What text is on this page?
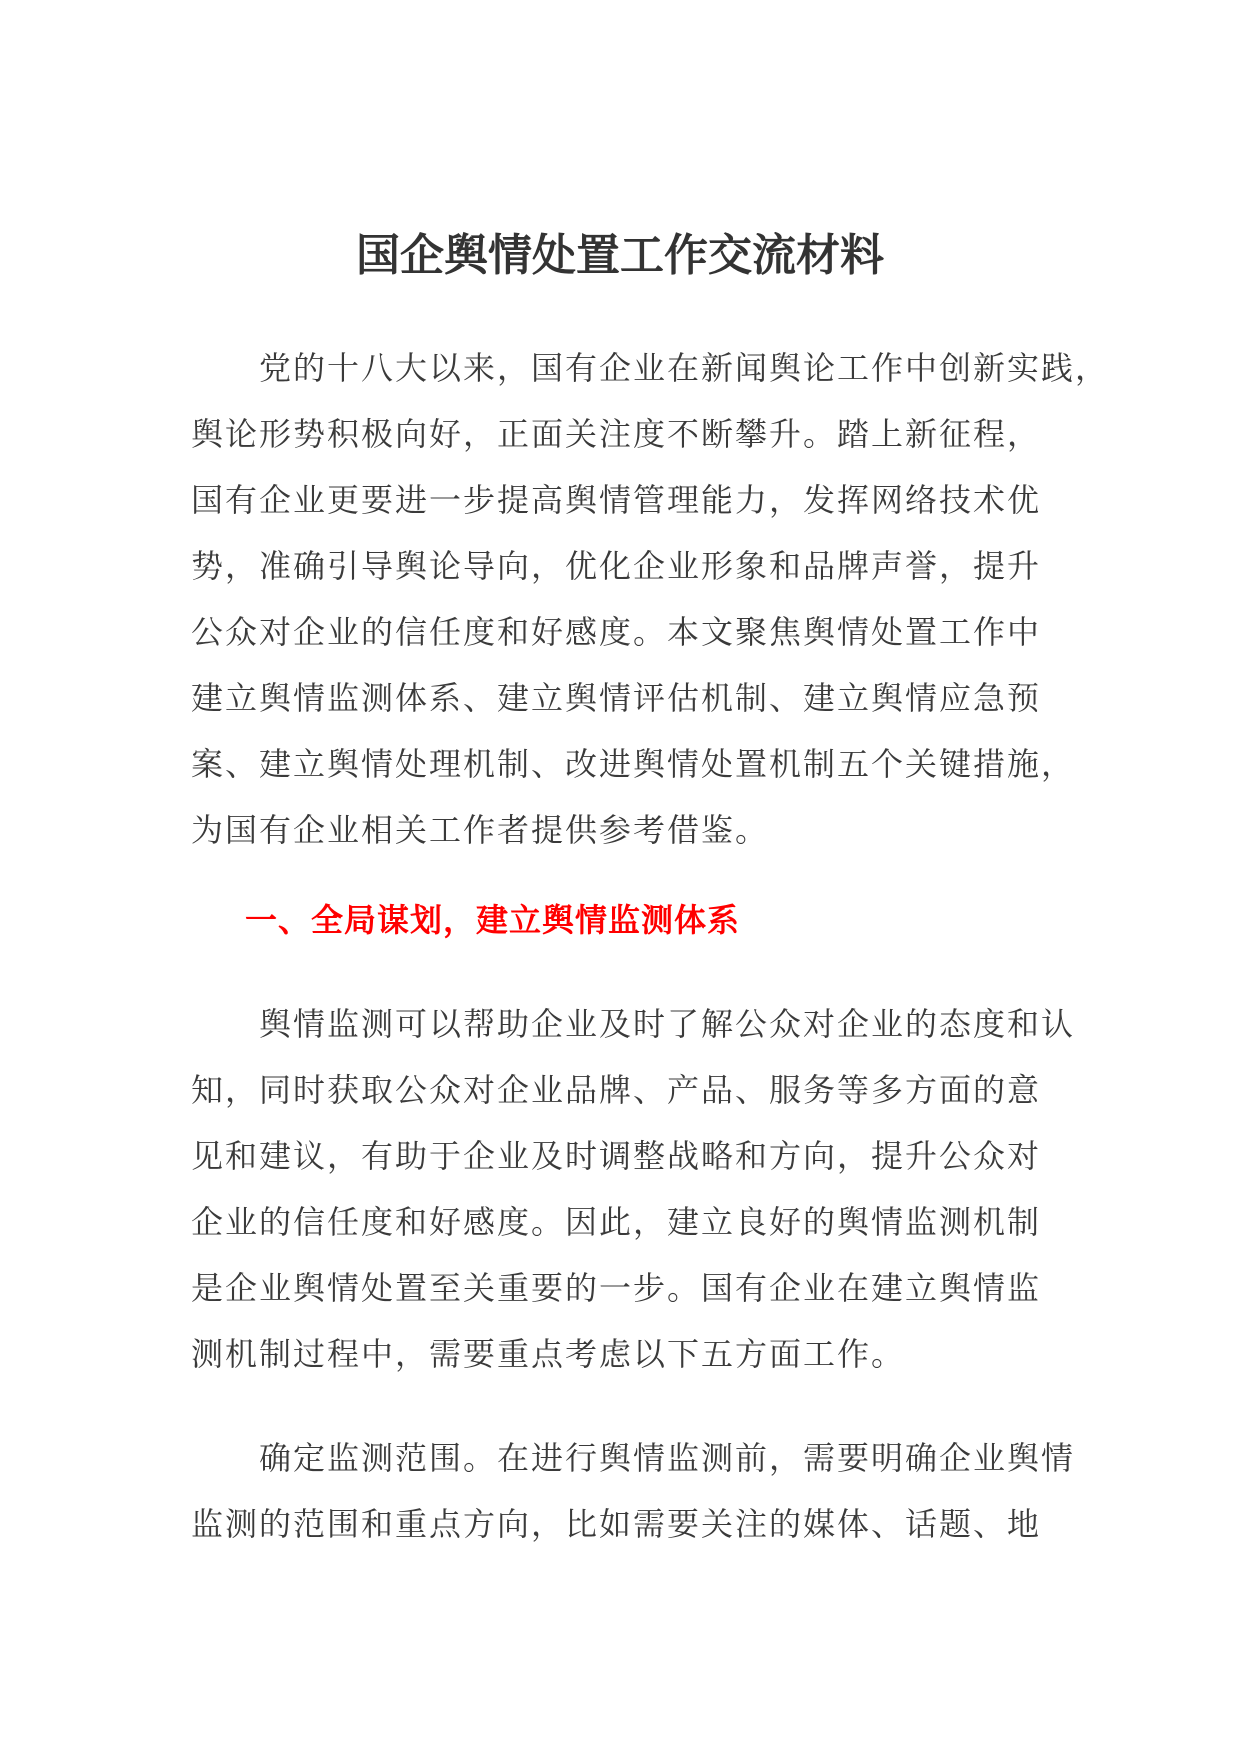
国企舆情处置工作交流材料

　　党的十八大以来，国有企业在新闻舆论工作中创新实践，

舆论形势积极向好，正面关注度不断攀升。踏上新征程，

国有企业更要进一步提高舆情管理能力，发挥网络技术优

势，准确引导舆论导向，优化企业形象和品牌声誉，提升

公众对企业的信任度和好感度。本文聚焦舆情处置工作中

建立舆情监测体系、建立舆情评估机制、建立舆情应急预

案、建立舆情处理机制、改进舆情处置机制五个关键措施，

为国有企业相关工作者提供参考借鉴。

一、全局谋划，建立舆情监测体系

　　舆情监测可以帮助企业及时了解公众对企业的态度和认

知，同时获取公众对企业品牌、产品、服务等多方面的意

见和建议，有助于企业及时调整战略和方向，提升公众对

企业的信任度和好感度。因此，建立良好的舆情监测机制

是企业舆情处置至关重要的一步。国有企业在建立舆情监

测机制过程中，需要重点考虑以下五方面工作。

　　确定监测范围。在进行舆情监测前，需要明确企业舆情

监测的范围和重点方向，比如需要关注的媒体、话题、地
